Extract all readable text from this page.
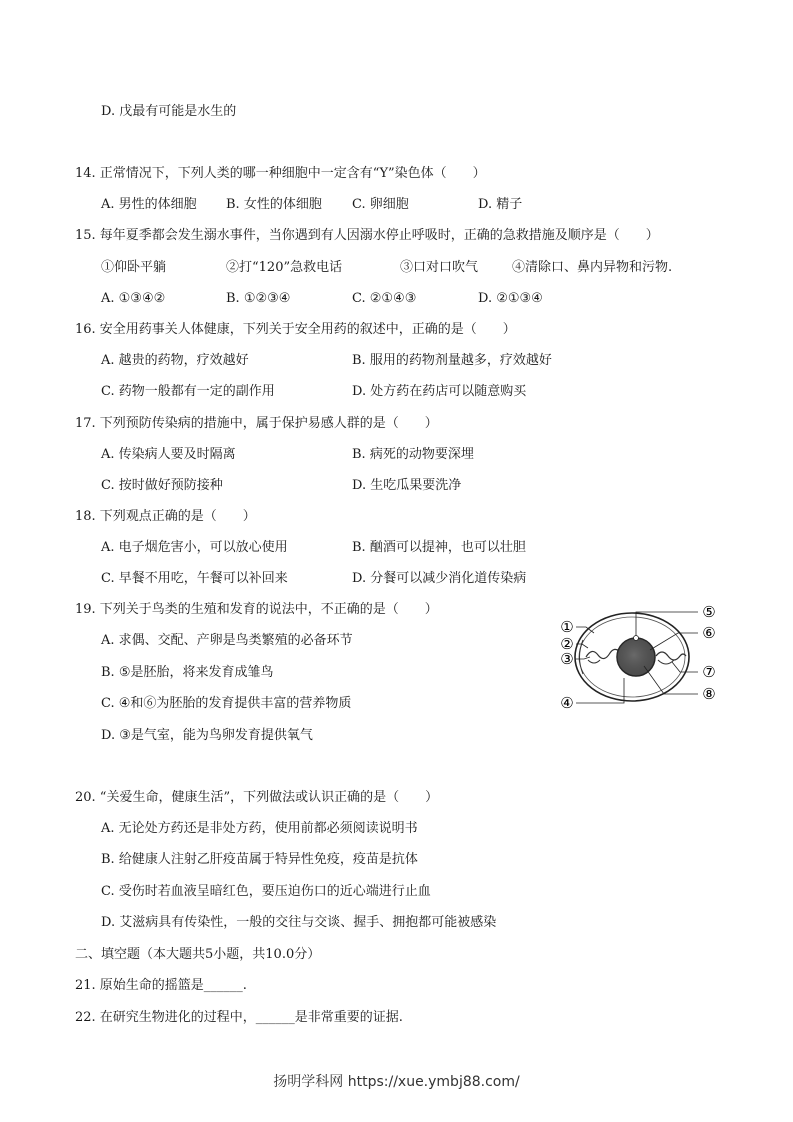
D. 戊最有可能是水生的
14. 正常情况下，下列人类的哪一种细胞中一定含有“Y”染色体（　　）
A. 男性的体细胞 B. 女性的体细胞 C. 卵细胞	D. 精子
15. 每年夏季都会发生溺水事件，当你遇到有人因溺水停止呼吸时，正确的急救措施及顺序是（　　）
①仰卧平躺	②打“120”急救电话	③口对口吹气	④清除口、鼻内异物和污物.
A. ①③④②	B. ①②③④	C. ②①④③	D. ②①③④
16. 安全用药事关人体健康，下列关于安全用药的叙述中，正确的是（　　）
A. 越贵的药物，疗效越好	B. 服用的药物剂量越多，疗效越好
C. 药物一般都有一定的副作用	D. 处方药在药店可以随意购买
17. 下列预防传染病的措施中，属于保护易感人群的是（　　）
A. 传染病人要及时隔离	B. 病死的动物要深埋
C. 按时做好预防接种	D. 生吃瓜果要洗净
18. 下列观点正确的是（　　）
A. 电子烟危害小，可以放心使用	B. 酗酒可以提神，也可以壮胆
C. 早餐不用吃，午餐可以补回来	D. 分餐可以减少消化道传染病
19. 下列关于鸟类的生殖和发育的说法中，不正确的是（　　）
A. 求偶、交配、产卵是鸟类繁殖的必备环节
B. ⑤是胚胎，将来发育成雏鸟
C. ④和⑥为胚胎的发育提供丰富的营养物质
D. ③是气室，能为鸟卵发育提供氧气
①
②
③
④
⑤
⑥
⑦
⑧
20. “关爱生命，健康生活”，下列做法或认识正确的是（　　）
A. 无论处方药还是非处方药，使用前都必须阅读说明书
B. 给健康人注射乙肝疫苗属于特异性免疫，疫苗是抗体
C. 受伤时若血液呈暗红色，要压迫伤口的近心端进行止血
D. 艾滋病具有传染性，一般的交往与交谈、握手、拥抱都可能被感染
二、填空题（本大题共5小题，共10.0分）
21. 原始生命的摇篮是______.
22. 在研究生物进化的过程中，______是非常重要的证据.
扬明学科网 https://xue.ymbj88.com/
